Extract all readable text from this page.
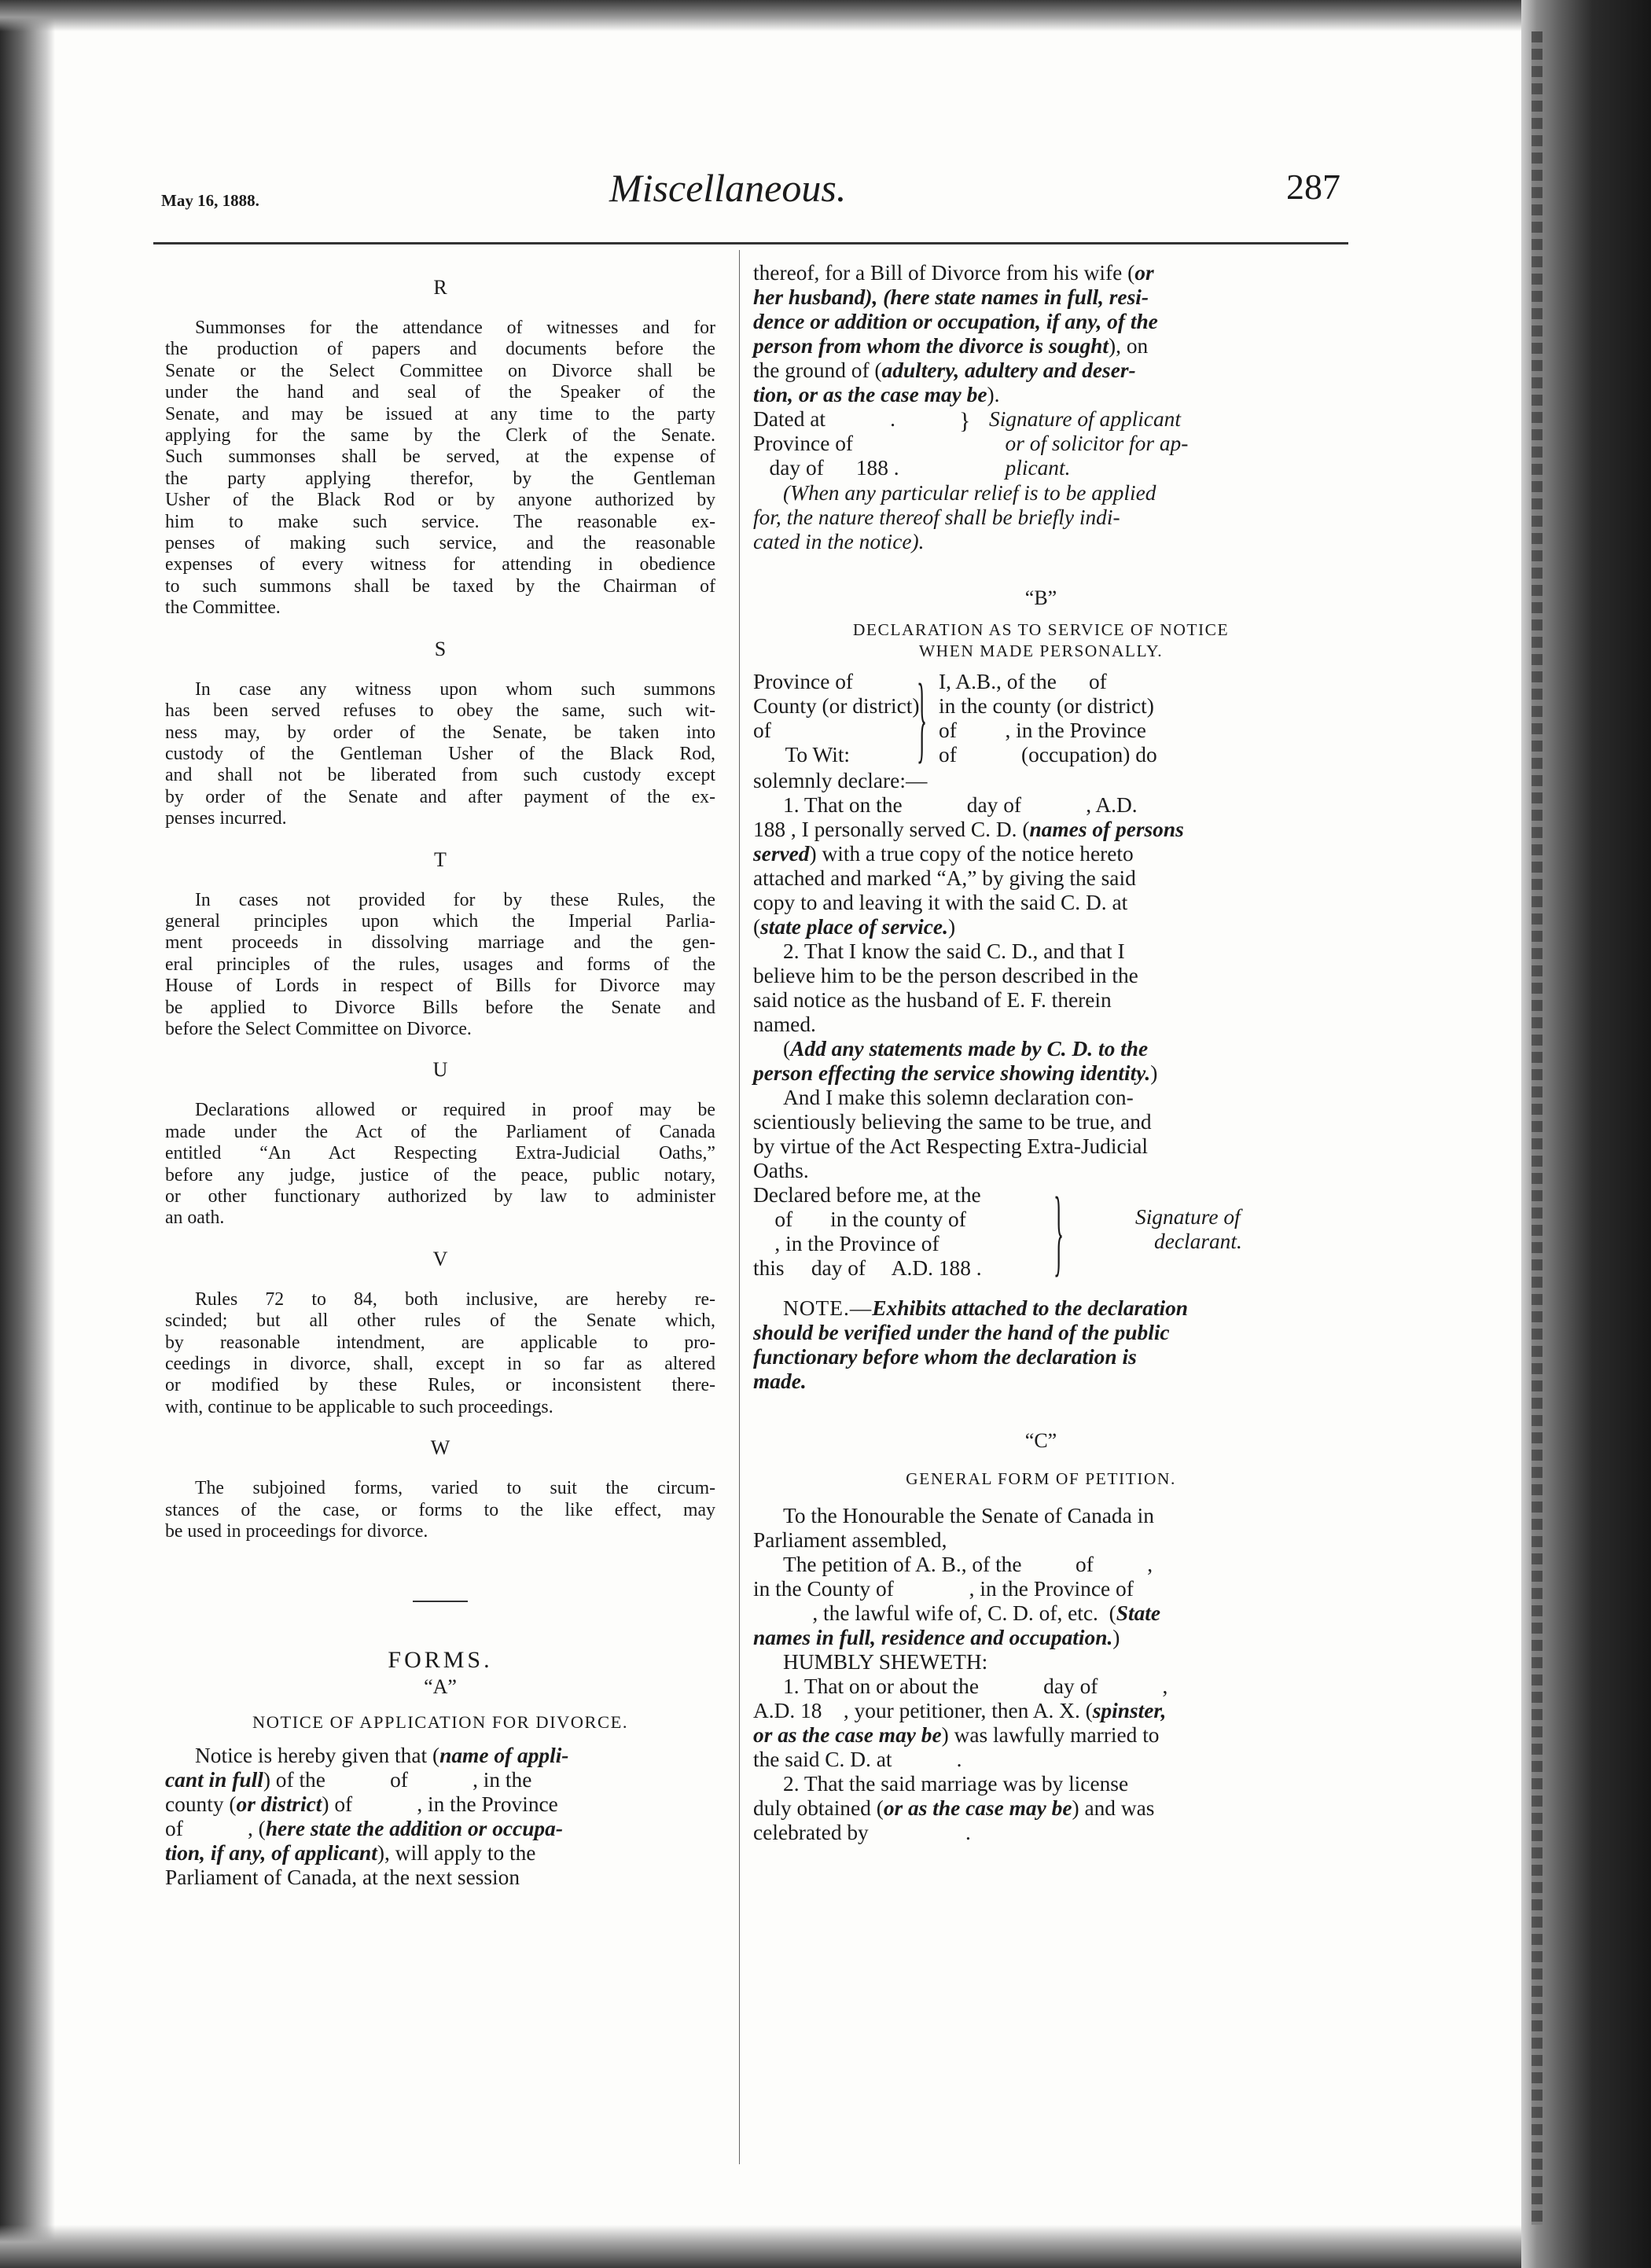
May 16, 1888.	Miscellaneous.	287
R

Summonses for the attendance of witnesses and for

the production of papers and documents before the

Senate or the Select Committee on Divorce shall be

under the hand and seal of the Speaker of the

Senate, and may be issued at any time to the party

applying for the same by the Clerk of the Senate.

Such summonses shall be served, at the expense of

the party applying therefor, by the Gentleman

Usher of the Black Rod or by anyone authorized by

him to make such service. The reasonable ex-

penses of making such service, and the reasonable

expenses of every witness for attending in obedience

to such summons shall be taxed by the Chairman of

the Committee.

S

In case any witness upon whom such summons

has been served refuses to obey the same, such wit-

ness may, by order of the Senate, be taken into

custody of the Gentleman Usher of the Black Rod,

and shall not be liberated from such custody except

by order of the Senate and after payment of the ex-

penses incurred.

T

In cases not provided for by these Rules, the

general principles upon which the Imperial Parlia-

ment proceeds in dissolving marriage and the gen-

eral principles of the rules, usages and forms of the

House of Lords in respect of Bills for Divorce may

be applied to Divorce Bills before the Senate and

before the Select Committee on Divorce.

U

Declarations allowed or required in proof may be

made under the Act of the Parliament of Canada

entitled “An Act Respecting Extra-Judicial Oaths,”

before any judge, justice of the peace, public notary,

or other functionary authorized by law to administer

an oath.

V

Rules 72 to 84, both inclusive, are hereby re-

scinded; but all other rules of the Senate which,

by reasonable intendment, are applicable to pro-

ceedings in divorce, shall, except in so far as altered

or modified by these Rules, or inconsistent there-

with, continue to be applicable to such proceedings.

W

The subjoined forms, varied to suit the circum-

stances of the case, or forms to the like effect, may

be used in proceedings for divorce.

FORMS.
“A”
NOTICE OF APPLICATION FOR DIVORCE.

Notice is hereby given that (name of appli-

cant in full) of the            of            , in the

county (or district) of            , in the Province

of            , (here state the addition or occupa-

tion, if any, of applicant), will apply to the

Parliament of Canada, at the next session

thereof, for a Bill of Divorce from his wife (or

her husband), (here state names in full, resi-

dence or addition or occupation, if any, of the

person from whom the divorce is sought), on

the ground of (adultery, adultery and deser-

tion, or as the case may be).

Dated at            .
Province of
day of      188 .
} Signature of applicant
or of solicitor for ap-
plicant.

(When any particular relief is to be applied

for, the nature thereof shall be briefly indi-

cated in the notice).

“B”
DECLARATION AS TO SERVICE OF NOTICE
WHEN MADE PERSONALLY.
Province of
County (or district)
of
To Wit: } I, A.B., of the      of
in the county (or district)
of         , in the Province
of            (occupation) do

solemnly declare:—

1. That on the            day of            , A.D.

188 , I personally served C. D. (names of persons

served) with a true copy of the notice hereto

attached and marked “A,” by giving the said

copy to and leaving it with the said C. D. at

(state place of service.)

2. That I know the said C. D., and that I

believe him to be the person described in the

said notice as the husband of E. F. therein

named.

(Add any statements made by C. D. to the

person effecting the service showing identity.)

And I make this solemn declaration con-

scientiously believing the same to be true, and

by virtue of the Act Respecting Extra-Judicial

Oaths.

Declared before me, at the
of       in the county of
, in the Province of
this     day of     A.D. 188 . }	Signature of
declarant.

NOTE.—Exhibits attached to the declaration

should be verified under the hand of the public

functionary before whom the declaration is

made.

“C”
GENERAL FORM OF PETITION.

To the Honourable the Senate of Canada in

Parliament assembled,

The petition of A. B., of the          of          ,

in the County of              , in the Province of

, the lawful wife of, C. D. of, etc.  (State

names in full, residence and occupation.)

HUMBLY SHEWETH:

1. That on or about the            day of            ,

A.D. 18    , your petitioner, then A. X. (spinster,

or as the case may be) was lawfully married to

the said C. D. at            .

2. That the said marriage was by license

duly obtained (or as the case may be) and was

celebrated by                  .
